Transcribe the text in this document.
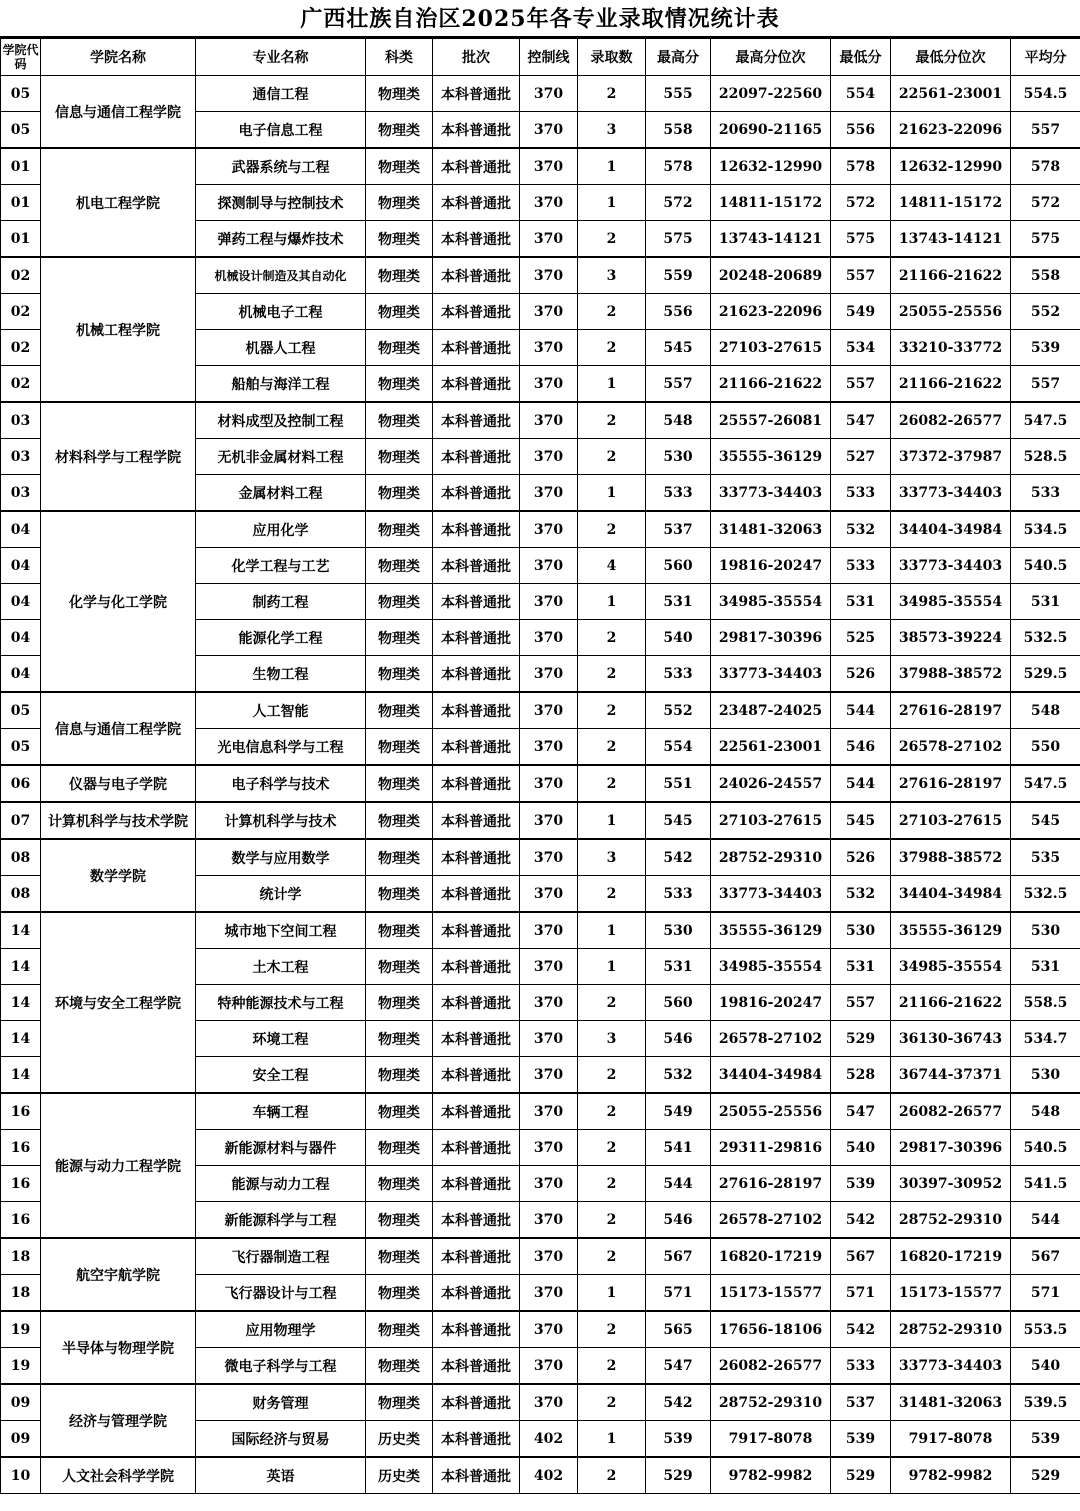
广西壮族自治区2025年各专业录取情况统计表
学院代码	学院名称	专业名称	科类	批次	控制线	录取数	最高分	最高分位次	最低分	最低分位次	平均分
05	信息与通信工程学院	通信工程	物理类	本科普通批	370	2	555	22097-22560	554	22561-23001	554.5
05		电子信息工程	物理类	本科普通批	370	3	558	20690-21165	556	21623-22096	557
01	机电工程学院	武器系统与工程	物理类	本科普通批	370	1	578	12632-12990	578	12632-12990	578
01		探测制导与控制技术	物理类	本科普通批	370	1	572	14811-15172	572	14811-15172	572
01		弹药工程与爆炸技术	物理类	本科普通批	370	2	575	13743-14121	575	13743-14121	575
02	机械工程学院	机械设计制造及其自动化	物理类	本科普通批	370	3	559	20248-20689	557	21166-21622	558
02		机械电子工程	物理类	本科普通批	370	2	556	21623-22096	549	25055-25556	552
02		机器人工程	物理类	本科普通批	370	2	545	27103-27615	534	33210-33772	539
02		船舶与海洋工程	物理类	本科普通批	370	1	557	21166-21622	557	21166-21622	557
03	材料科学与工程学院	材料成型及控制工程	物理类	本科普通批	370	2	548	25557-26081	547	26082-26577	547.5
03		无机非金属材料工程	物理类	本科普通批	370	2	530	35555-36129	527	37372-37987	528.5
03		金属材料工程	物理类	本科普通批	370	1	533	33773-34403	533	33773-34403	533
04	化学与化工学院	应用化学	物理类	本科普通批	370	2	537	31481-32063	532	34404-34984	534.5
04		化学工程与工艺	物理类	本科普通批	370	4	560	19816-20247	533	33773-34403	540.5
04		制药工程	物理类	本科普通批	370	1	531	34985-35554	531	34985-35554	531
04		能源化学工程	物理类	本科普通批	370	2	540	29817-30396	525	38573-39224	532.5
04		生物工程	物理类	本科普通批	370	2	533	33773-34403	526	37988-38572	529.5
05	信息与通信工程学院	人工智能	物理类	本科普通批	370	2	552	23487-24025	544	27616-28197	548
05		光电信息科学与工程	物理类	本科普通批	370	2	554	22561-23001	546	26578-27102	550
06	仪器与电子学院	电子科学与技术	物理类	本科普通批	370	2	551	24026-24557	544	27616-28197	547.5
07	计算机科学与技术学院	计算机科学与技术	物理类	本科普通批	370	1	545	27103-27615	545	27103-27615	545
08	数学学院	数学与应用数学	物理类	本科普通批	370	3	542	28752-29310	526	37988-38572	535
08		统计学	物理类	本科普通批	370	2	533	33773-34403	532	34404-34984	532.5
14	环境与安全工程学院	城市地下空间工程	物理类	本科普通批	370	1	530	35555-36129	530	35555-36129	530
14		土木工程	物理类	本科普通批	370	1	531	34985-35554	531	34985-35554	531
14		特种能源技术与工程	物理类	本科普通批	370	2	560	19816-20247	557	21166-21622	558.5
14		环境工程	物理类	本科普通批	370	3	546	26578-27102	529	36130-36743	534.7
14		安全工程	物理类	本科普通批	370	2	532	34404-34984	528	36744-37371	530
16	能源与动力工程学院	车辆工程	物理类	本科普通批	370	2	549	25055-25556	547	26082-26577	548
16		新能源材料与器件	物理类	本科普通批	370	2	541	29311-29816	540	29817-30396	540.5
16		能源与动力工程	物理类	本科普通批	370	2	544	27616-28197	539	30397-30952	541.5
16		新能源科学与工程	物理类	本科普通批	370	2	546	26578-27102	542	28752-29310	544
18	航空宇航学院	飞行器制造工程	物理类	本科普通批	370	2	567	16820-17219	567	16820-17219	567
18		飞行器设计与工程	物理类	本科普通批	370	1	571	15173-15577	571	15173-15577	571
19	半导体与物理学院	应用物理学	物理类	本科普通批	370	2	565	17656-18106	542	28752-29310	553.5
19		微电子科学与工程	物理类	本科普通批	370	2	547	26082-26577	533	33773-34403	540
09	经济与管理学院	财务管理	物理类	本科普通批	370	2	542	28752-29310	537	31481-32063	539.5
09		国际经济与贸易	历史类	本科普通批	402	1	539	7917-8078	539	7917-8078	539
10	人文社会科学学院	英语	历史类	本科普通批	402	2	529	9782-9982	529	9782-9982	529
